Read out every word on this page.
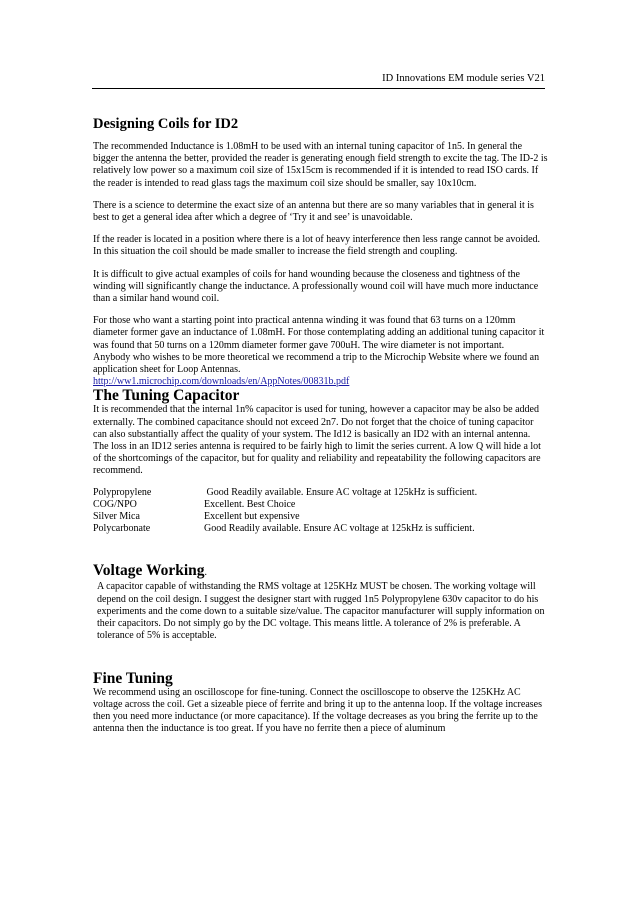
ID Innovations EM module series V21
Designing Coils for ID2

The recommended Inductance is 1.08mH to be used with an internal tuning capacitor of 1n5. In general the bigger the antenna the better, provided the reader is generating enough field strength to excite the tag. The ID-2 is relatively low power so a maximum coil size of 15x15cm is recommended if it is intended to read ISO cards. If the reader is intended to read glass tags the maximum coil size should be smaller, say 10x10cm.

There is a science to determine the exact size of an antenna but there are so many variables that in general it is best to get a general idea after which a degree of ‘Try it and see’ is unavoidable.

If the reader is located in a position where there is a lot of heavy interference then less range cannot be avoided. In this situation the coil should be made smaller to increase the field strength and coupling.

It is difficult to give actual examples of coils for hand wounding because the closeness and tightness of the winding will significantly change the inductance. A professionally wound coil will have much more inductance than a similar hand wound coil.

For those who want a starting point into practical antenna winding it was found that 63 turns on a 120mm diameter former gave an inductance of 1.08mH. For those contemplating adding an additional tuning capacitor it was found that 50 turns on a 120mm diameter former gave 700uH. The wire diameter is not important.

Anybody who wishes to be more theoretical we recommend a trip to the Microchip Website where we found an application sheet for Loop Antennas.

http://ww1.microchip.com/downloads/en/AppNotes/00831b.pdf

The Tuning Capacitor

It is recommended that the internal 1n% capacitor is used for tuning, however a capacitor may be also be added externally. The combined capacitance should not exceed 2n7. Do not forget that the choice of tuning capacitor can also substantially affect the quality of your system. The Id12 is basically an ID2 with an internal antenna. The loss in an ID12 series antenna is required to be fairly high to limit the series current. A low Q will hide a lot of the shortcomings of the capacitor, but for quality and reliability and repeatability the following capacitors are recommend.

Polypropylene	Good Readily available. Ensure AC voltage at 125kHz is sufficient.
COG/NPO	Excellent. Best Choice
Silver Mica	Excellent but expensive
Polycarbonate	Good Readily available. Ensure AC voltage at 125kHz is sufficient.
Voltage Working.

A capacitor capable of withstanding the RMS voltage at 125KHz MUST be chosen. The working voltage will depend on the coil design. I suggest the designer start with rugged 1n5 Polypropylene 630v capacitor to do his experiments and the come down to a suitable size/value. The capacitor manufacturer will supply information on their capacitors. Do not simply go by the DC voltage. This means little. A tolerance of 2% is preferable. A tolerance of 5% is acceptable.

Fine Tuning

We recommend using an oscilloscope for fine-tuning. Connect the oscilloscope to observe the 125KHz AC voltage across the coil. Get a sizeable piece of ferrite and bring it up to the antenna loop. If the voltage increases then you need more inductance (or more capacitance). If the voltage decreases as you bring the ferrite up to the antenna then the inductance is too great. If you have no ferrite then a piece of aluminum
